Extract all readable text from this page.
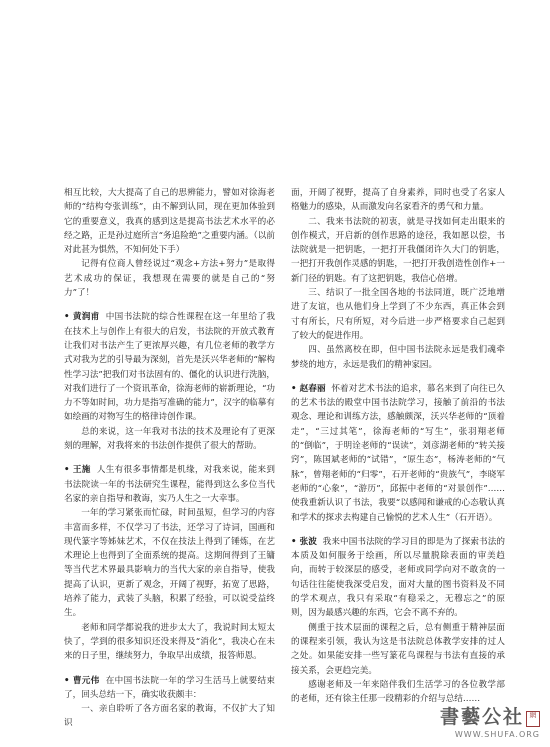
相互比较，大大提高了自己的思辨能力，譬如对徐海老师的“结构夸张训练”，由不解到认同，现在更加体验到它的重要意义，我真的感到这是提高书法艺术水平的必经之路，正是孙过庭所言“务追险绝”之重要内涵。（以前对此甚为惧然，不知何处下手）

记得有位商人曾经说过“观念+方法+努力”是取得艺术成功的保证，我想现在需要的就是自己的“努力”了！

• 黄润甫 中国书法院的综合性课程在这一年里给了我在技术上与创作上有很大的启发，书法院的开放式教育让我们对书法产生了更浓厚兴趣，有几位老师的教学方式对我为艺的引导最为深刻，首先是沃兴华老师的“解构性学习法”把我们对书法固有的、僵化的认识进行洗脑，对我们进行了一个资讯革命，徐海老师的崭新理论，“功力不等如时间，功力是指写准确的能力”，汉字的临摹有如绘画的对物写生的格律诗创作课。

总的来说，这一年我对书法的技术及理论有了更深刻的理解，对我将来的书法创作提供了很大的帮助。

• 王施 人生有很多事情都是机缘，对我来说，能来到书法院读一年的书法研究生课程，能得到这么多位当代名家的亲自指导和教诲，实乃人生之一大幸事。

一年的学习紧张而忙碌，时间虽短，但学习的内容丰富而多样，不仅学习了书法，还学习了诗词，国画和现代篆字等姊妹艺术，不仅在技法上得到了锤炼，在艺术理论上也得到了全面系统的提高。这期间得到了王镛等当代艺术界最具影响力的当代大家的亲自指导，使我提高了认识，更新了观念，开阔了视野，拓宽了思路，培养了能力，武装了头脑，积累了经验，可以说受益终生。

老师和同学都说我的进步太大了，我说时间太短太快了，学到的很多知识还没来得及“消化”，我决心在未来的日子里，继续努力，争取早出成绩，报答师恩。

• 曹元伟 在中国书法院一年的学习生活马上就要结束了，回头总结一下，确实收获颇丰：

一、亲自聆听了各方面名家的教诲，不仅扩大了知识

面，开阔了视野，提高了自身素养，同时也受了名家人格魅力的感染，从而激发向名家看齐的勇气和力量。

二、我来书法院的初衷，就是寻找如何走出眼来的创作模式，开启新的创作思路的途径，我如愿以偿，书法院就是一把钥匙，一把打开我僵闭许久大门的钥匙，一把打开我创作灵感的钥匙，一把打开我创造性创作+一新门径的钥匙。有了这把钥匙，我信心倍增。

三、结识了一批全国各地的书法同道，既广泛地增进了友谊，也从他们身上学到了不少东西，真正体会到寸有所长，尺有所短，对今后进一步严格要求自己起到了较大的促进作用。

四、虽然离校在即，但中国书法院永远是我们魂牵梦绕的地方，永远是我们的精神家园。

• 赵春丽 怀着对艺术书法的追求，慕名来到了向往已久的艺术书法的殿堂中国书法院学习，接触了前沿的书法观念、理论和训练方法，感触颇深，沃兴华老师的“顶着走”，“三过其笔”，徐海老师的“写生”，张羽翔老师的“倒临”，于明诠老师的“误读”，刘彦湖老师的“转关接窍”，陈国斌老师的“试错”，“原生态”，杨涛老师的“气脉”，曾翔老师的“归零”，石开老师的“贵族气”，李晓军老师的“心象”，“游历”，邱振中老师的“对景创作”……使我重新认识了书法，我要“以感闻和谦戒的心态敬认真和学术的探求去构建自己愉悦的艺术人生”（石开语）。

• 张波 我来中国书法院的学习目的即是为了探索书法的本质及如何服务于绘画，所以尽量脱除表面的审美趋向，而转于较深层的感受，老师或同学向对不敢贪的一句话往往能使我深受启发，面对大量的图书资料及不同的学术观点，我只有采取“有稳采之，无穆忘之”的原则，因为最感兴趣的东西，它会不离不弃的。

侧重于技术层面的课程之后，总有侧重于精神层面的课程来引领，我认为这是书法院总体教学安排的过人之处。如果能安排一些写篆花鸟课程与书法有直接的承接关系，会更趋完美。

感谢老师及一年来陪伴我们生活学习的各位教学部的老师，还有徐主任那一段精彩的介绍与总结……

書藝公社 網
WWW.SHUFA.ORG
